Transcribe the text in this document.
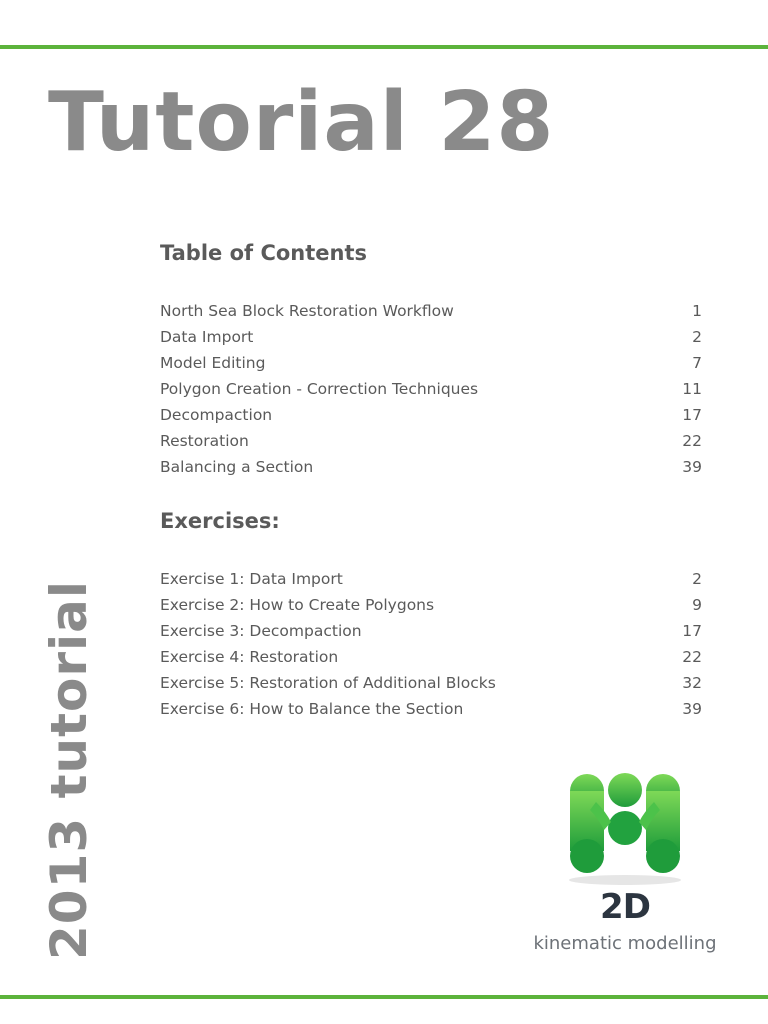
Tutorial 28
Table of Contents
North Sea Block Restoration Workflow	1
Data Import	2
Model Editing	7
Polygon Creation - Correction Techniques	11
Decompaction	17
Restoration	22
Balancing a Section	39
Exercises:
Exercise 1: Data Import	2
Exercise 2: How to Create Polygons	9
Exercise 3: Decompaction	17
Exercise 4: Restoration	22
Exercise 5: Restoration of Additional Blocks	32
Exercise 6: How to Balance the Section	39
2013 tutorial	2D
kinematic modelling
